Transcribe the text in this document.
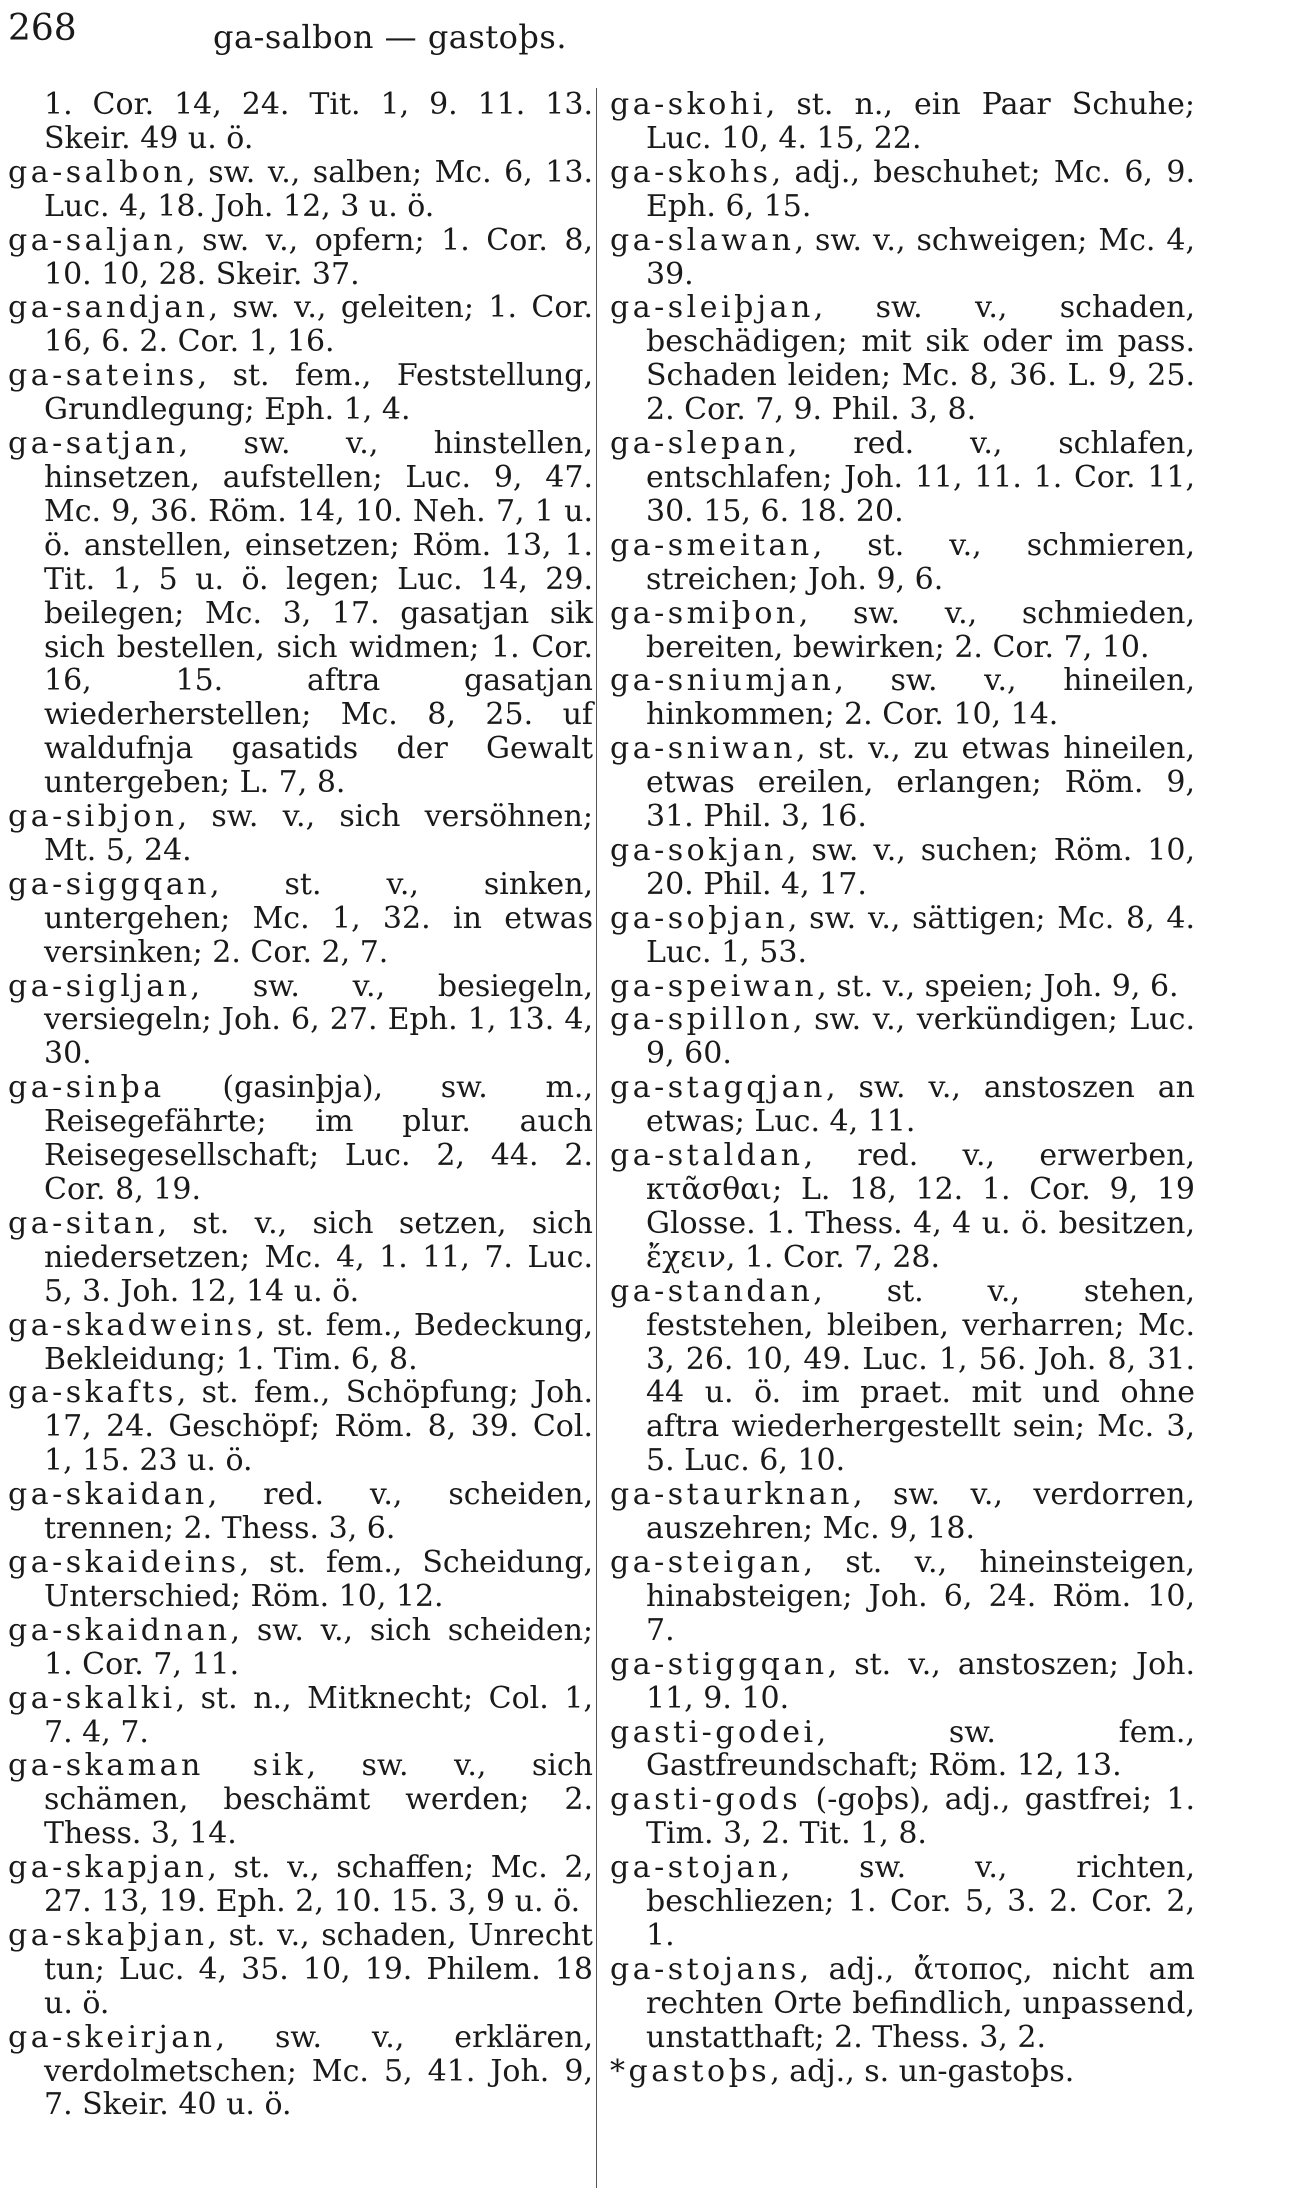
268	ga-salbon — gastoþs.

1. Cor. 14, 24. Tit. 1, 9. 11. 13. Skeir. 49 u. ö.

ga-salbon, sw. v., salben; Mc. 6, 13. Luc. 4, 18. Joh. 12, 3 u. ö.

ga-saljan, sw. v., opfern; 1. Cor. 8, 10. 10, 28. Skeir. 37.

ga-sandjan, sw. v., geleiten; 1. Cor. 16, 6. 2. Cor. 1, 16.

ga-sateins, st. fem., Feststellung, Grundlegung; Eph. 1, 4.

ga-satjan, sw. v., hinstellen, hinsetzen, aufstellen; Luc. 9, 47. Mc. 9, 36. Röm. 14, 10. Neh. 7, 1 u. ö. anstellen, einsetzen; Röm. 13, 1. Tit. 1, 5 u. ö. legen; Luc. 14, 29. beilegen; Mc. 3, 17. gasatjan sik sich bestellen, sich widmen; 1. Cor. 16, 15. aftra gasatjan wiederherstellen; Mc. 8, 25. uf waldufnja gasatids der Gewalt untergeben; L. 7, 8.

ga-sibjon, sw. v., sich versöhnen; Mt. 5, 24.

ga-siggqan, st. v., sinken, untergehen; Mc. 1, 32. in etwas versinken; 2. Cor. 2, 7.

ga-sigljan, sw. v., besiegeln, versiegeln; Joh. 6, 27. Eph. 1, 13. 4, 30.

ga-sinþa (gasinþja), sw. m., Reisegefährte; im plur. auch Reisegesellschaft; Luc. 2, 44. 2. Cor. 8, 19.

ga-sitan, st. v., sich setzen, sich niedersetzen; Mc. 4, 1. 11, 7. Luc. 5, 3. Joh. 12, 14 u. ö.

ga-skadweins, st. fem., Bedeckung, Bekleidung; 1. Tim. 6, 8.

ga-skafts, st. fem., Schöpfung; Joh. 17, 24. Geschöpf; Röm. 8, 39. Col. 1, 15. 23 u. ö.

ga-skaidan, red. v., scheiden, trennen; 2. Thess. 3, 6.

ga-skaideins, st. fem., Scheidung, Unterschied; Röm. 10, 12.

ga-skaidnan, sw. v., sich scheiden; 1. Cor. 7, 11.

ga-skalki, st. n., Mitknecht; Col. 1, 7. 4, 7.

ga-skaman sik, sw. v., sich schämen, beschämt werden; 2. Thess. 3, 14.

ga-skapjan, st. v., schaffen; Mc. 2, 27. 13, 19. Eph. 2, 10. 15. 3, 9 u. ö.

ga-skaþjan, st. v., schaden, Unrecht tun; Luc. 4, 35. 10, 19. Philem. 18 u. ö.

ga-skeirjan, sw. v., erklären, verdolmetschen; Mc. 5, 41. Joh. 9, 7. Skeir. 40 u. ö.

ga-skohi, st. n., ein Paar Schuhe; Luc. 10, 4. 15, 22.

ga-skohs, adj., beschuhet; Mc. 6, 9. Eph. 6, 15.

ga-slawan, sw. v., schweigen; Mc. 4, 39.

ga-sleiþjan, sw. v., schaden, beschädigen; mit sik oder im pass. Schaden leiden; Mc. 8, 36. L. 9, 25. 2. Cor. 7, 9. Phil. 3, 8.

ga-slepan, red. v., schlafen, entschlafen; Joh. 11, 11. 1. Cor. 11, 30. 15, 6. 18. 20.

ga-smeitan, st. v., schmieren, streichen; Joh. 9, 6.

ga-smiþon, sw. v., schmieden, bereiten, bewirken; 2. Cor. 7, 10.

ga-sniumjan, sw. v., hineilen, hinkommen; 2. Cor. 10, 14.

ga-sniwan, st. v., zu etwas hineilen, etwas ereilen, erlangen; Röm. 9, 31. Phil. 3, 16.

ga-sokjan, sw. v., suchen; Röm. 10, 20. Phil. 4, 17.

ga-soþjan, sw. v., sättigen; Mc. 8, 4. Luc. 1, 53.

ga-speiwan, st. v., speien; Joh. 9, 6.

ga-spillon, sw. v., verkündigen; Luc. 9, 60.

ga-stagqjan, sw. v., anstoszen an etwas; Luc. 4, 11.

ga-staldan, red. v., erwerben, κτᾶσθαι; L. 18, 12. 1. Cor. 9, 19 Glosse. 1. Thess. 4, 4 u. ö. besitzen, ἔχειν, 1. Cor. 7, 28.

ga-standan, st. v., stehen, feststehen, bleiben, verharren; Mc. 3, 26. 10, 49. Luc. 1, 56. Joh. 8, 31. 44 u. ö. im praet. mit und ohne aftra wiederhergestellt sein; Mc. 3, 5. Luc. 6, 10.

ga-staurknan, sw. v., verdorren, auszehren; Mc. 9, 18.

ga-steigan, st. v., hineinsteigen, hinabsteigen; Joh. 6, 24. Röm. 10, 7.

ga-stiggqan, st. v., anstoszen; Joh. 11, 9. 10.

gasti-godei, sw. fem., Gastfreundschaft; Röm. 12, 13.

gasti-gods (-goþs), adj., gastfrei; 1. Tim. 3, 2. Tit. 1, 8.

ga-stojan, sw. v., richten, beschliezen; 1. Cor. 5, 3. 2. Cor. 2, 1.

ga-stojans, adj., ἄτοπος, nicht am rechten Orte befindlich, unpassend, unstatthaft; 2. Thess. 3, 2.

*gastoþs, adj., s. un-gastoþs.
